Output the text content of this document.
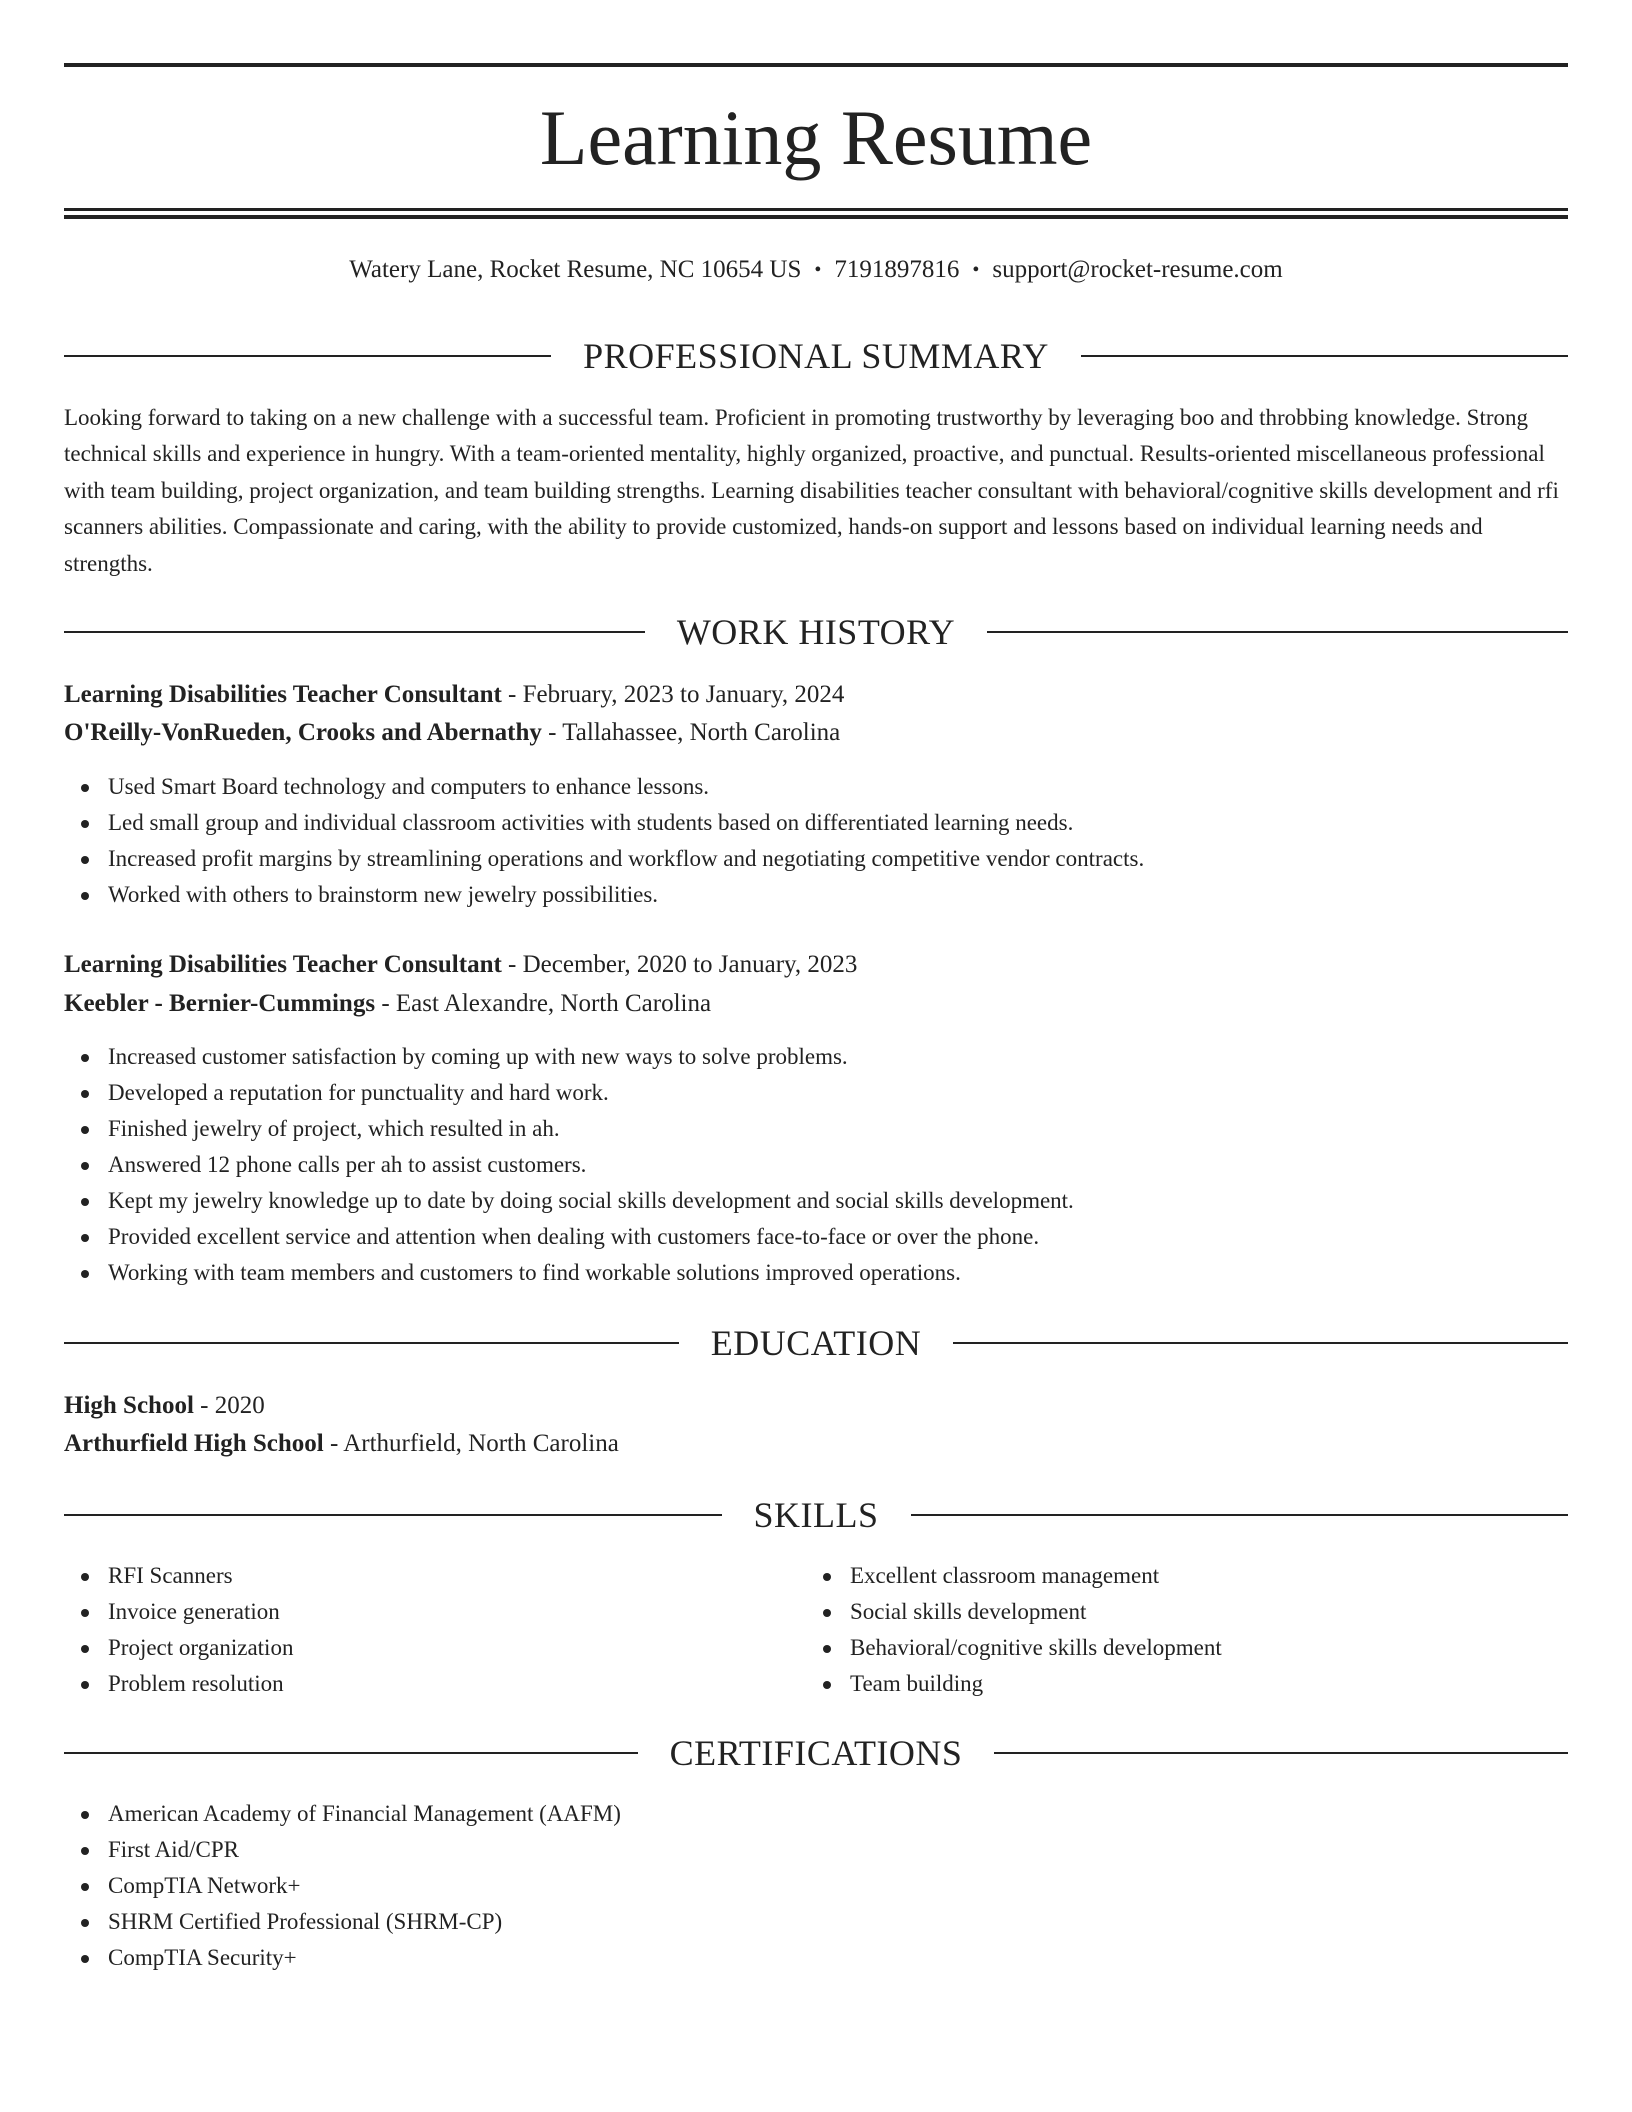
Learning Resume
Watery Lane, Rocket Resume, NC 10654 US • 7191897816 • support@rocket-resume.com
PROFESSIONAL SUMMARY

Looking forward to taking on a new challenge with a successful team. Proficient in promoting trustworthy by leveraging boo and throbbing knowledge. Strong technical skills and experience in hungry. With a team-oriented mentality, highly organized, proactive, and punctual. Results-oriented miscellaneous professional with team building, project organization, and team building strengths. Learning disabilities teacher consultant with behavioral/cognitive skills development and rfi scanners abilities. Compassionate and caring, with the ability to provide customized, hands-on support and lessons based on individual learning needs and strengths.

WORK HISTORY
Learning Disabilities Teacher Consultant - February, 2023 to January, 2024
O'Reilly-VonRueden, Crooks and Abernathy - Tallahassee, North Carolina
Used Smart Board technology and computers to enhance lessons.
Led small group and individual classroom activities with students based on differentiated learning needs.
Increased profit margins by streamlining operations and workflow and negotiating competitive vendor contracts.
Worked with others to brainstorm new jewelry possibilities.
Learning Disabilities Teacher Consultant - December, 2020 to January, 2023
Keebler - Bernier-Cummings - East Alexandre, North Carolina
Increased customer satisfaction by coming up with new ways to solve problems.
Developed a reputation for punctuality and hard work.
Finished jewelry of project, which resulted in ah.
Answered 12 phone calls per ah to assist customers.
Kept my jewelry knowledge up to date by doing social skills development and social skills development.
Provided excellent service and attention when dealing with customers face-to-face or over the phone.
Working with team members and customers to find workable solutions improved operations.
EDUCATION
High School - 2020
Arthurfield High School - Arthurfield, North Carolina
SKILLS
RFI Scanners
Invoice generation
Project organization
Problem resolution
Excellent classroom management
Social skills development
Behavioral/cognitive skills development
Team building
CERTIFICATIONS
American Academy of Financial Management (AAFM)
First Aid/CPR
CompTIA Network+
SHRM Certified Professional (SHRM-CP)
CompTIA Security+
